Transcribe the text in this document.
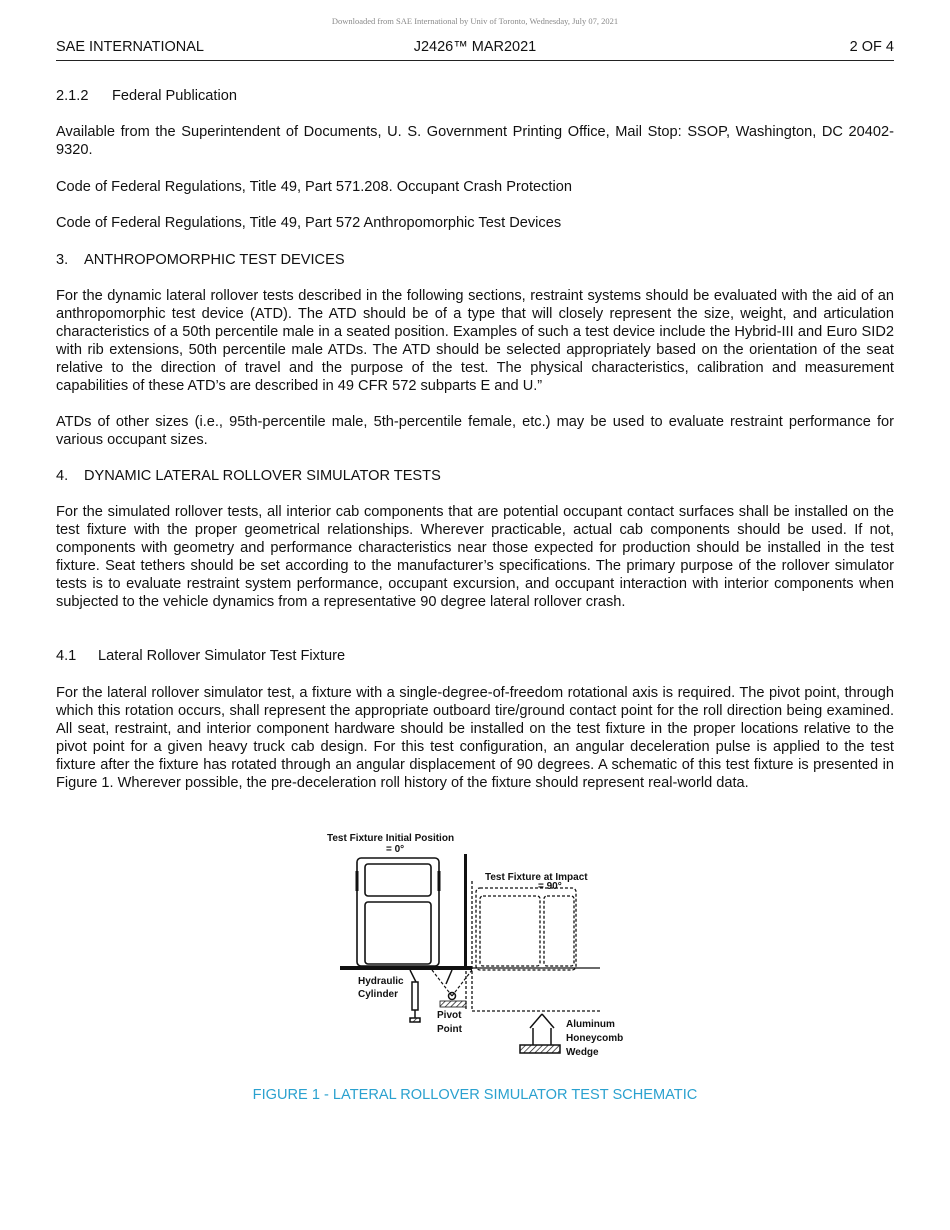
Downloaded from SAE International by Univ of Toronto, Wednesday, July 07, 2021
SAE INTERNATIONAL	J2426™ MAR2021	2 OF 4

2.1.2 Federal Publication

Available from the Superintendent of Documents, U. S. Government Printing Office, Mail Stop: SSOP, Washington, DC 20402-9320.

Code of Federal Regulations, Title 49, Part 571.208. Occupant Crash Protection

Code of Federal Regulations, Title 49, Part 572 Anthropomorphic Test Devices

3. ANTHROPOMORPHIC TEST DEVICES

For the dynamic lateral rollover tests described in the following sections, restraint systems should be evaluated with the aid of an anthropomorphic test device (ATD). The ATD should be of a type that will closely represent the size, weight, and articulation characteristics of a 50th percentile male in a seated position. Examples of such a test device include the Hybrid-III and Euro SID2 with rib extensions, 50th percentile male ATDs. The ATD should be selected appropriately based on the orientation of the seat relative to the direction of travel and the purpose of the test. The physical characteristics, calibration and measurement capabilities of these ATD’s are described in 49 CFR 572 subparts E and U.”

ATDs of other sizes (i.e., 95th-percentile male, 5th-percentile female, etc.) may be used to evaluate restraint performance for various occupant sizes.

4. DYNAMIC LATERAL ROLLOVER SIMULATOR TESTS

For the simulated rollover tests, all interior cab components that are potential occupant contact surfaces shall be installed on the test fixture with the proper geometrical relationships. Wherever practicable, actual cab components should be used. If not, components with geometry and performance characteristics near those expected for production should be installed in the test fixture. Seat tethers should be set according to the manufacturer’s specifications. The primary purpose of the rollover simulator tests is to evaluate restraint system performance, occupant excursion, and occupant interaction with interior components when subjected to the vehicle dynamics from a representative 90 degree lateral rollover crash.

4.1 Lateral Rollover Simulator Test Fixture

For the lateral rollover simulator test, a fixture with a single-degree-of-freedom rotational axis is required. The pivot point, through which this rotation occurs, shall represent the appropriate outboard tire/ground contact point for the roll direction being examined. All seat, restraint, and interior component hardware should be installed on the test fixture in the proper locations relative to the pivot point for a given heavy truck cab design. For this test configuration, an angular deceleration pulse is applied to the test fixture after the fixture has rotated through an angular displacement of 90 degrees. A schematic of this test fixture is presented in Figure 1. Wherever possible, the pre-deceleration roll history of the fixture should represent real-world data.

Test Fixture Initial Position
= 0°
Test Fixture at Impact
= 90°
Hydraulic
Cylinder
Pivot
Point	Aluminum
Honeycomb
Wedge
FIGURE 1 - LATERAL ROLLOVER SIMULATOR TEST SCHEMATIC
